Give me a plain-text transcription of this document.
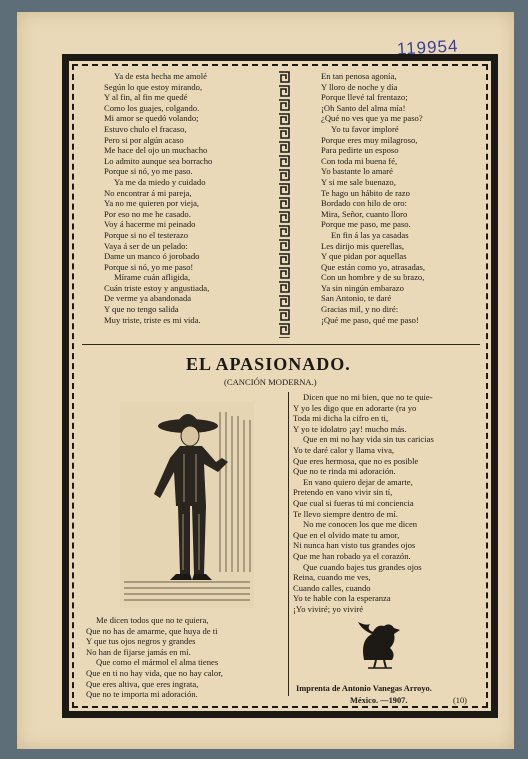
119954
Ya de esta hecha me amolé
Según lo que estoy mirando,
Y al fin, al fin me quedé
Como los guajes, colgando.
Mi amor se quedó volando;
Estuvo chulo el fracaso,
Pero si por algún acaso
Me hace del ojo un muchacho
Lo admito aunque sea borracho
Porque si nó, yo me paso.
Ya me da miedo y cuidado
No encontrar á mi pareja,
Ya no me quieren por vieja,
Por eso no me he casado.
Voy á hacerme mi peinado
Porque si no el testerazo
Vaya á ser de un pelado:
Dame un manco ó jorobado
Porque si nó, yo me paso!
Mírame cuán afligida,
Cuán triste estoy y angustiada,
De verme ya abandonada
Y que no tengo salida
Muy triste, triste es mi vida.
En tan penosa agonía,
Y lloro de noche y día
Porque llevé tal frentazo;
¡Oh Santo del alma mía!
¿Qué no ves que ya me paso?
Yo tu favor imploré
Porque eres muy milagroso,
Para pedirte un esposo
Con toda mi buena fé,
Yo bastante lo amaré
Y si me sale buenazo,
Te hago un hábito de razo
Bordado con hilo de oro:
Mira, Señor, cuanto lloro
Porque me paso, me paso.
En fin á las ya casadas
Les dirijo mis querellas,
Y que pidan por aquellas
Que están como yo, atrasadas,
Con un hombre y de su brazo,
Ya sin ningún embarazo
San Antonio, te daré
Gracias mil, y no diré:
¡Qué me paso, qué me paso!
EL APASIONADO.
(CANCIÓN MODERNA.)
Dicen que no mi bien, que no te quie-
Y yo les digo que en adorarte (ra yo
Toda mi dicha la cifro en ti,
Y yo te idolatro ¡ay! mucho más.
Que en mi no hay vida sin tus caricias
Yo te daré calor y llama viva,
Que eres hermosa, que no es posible
Que no te rinda mi adoración.
En vano quiero dejar de amarte,
Pretendo en vano vivir sin tí,
Que cual si fueras tú mi conciencia
Te llevo siempre dentro de mí.
No me conocen los que me dicen
Que en el olvido mate tu amor,
Ni nunca han visto tus grandes ojos
Que me han robado ya el corazón.
Que cuando bajes tus grandes ojos
Reina, cuando me ves,
Cuando calles, cuando
Yo te hable con la esperanza
¡Yo viviré; yo viviré
Me dicen todos que no te quiera,
Que no has de amarme, que huya de ti
Y que tus ojos negros y grandes
No han de fijarse jamás en mí.
Que como el mármol el alma tienes
Que en ti no hay vida, que no hay calor,
Que eres altiva, que eres ingrata,
Que no te importa mi adoración.
Imprenta de Antonio Vanegas Arroyo.
México. —1907.	(10)
